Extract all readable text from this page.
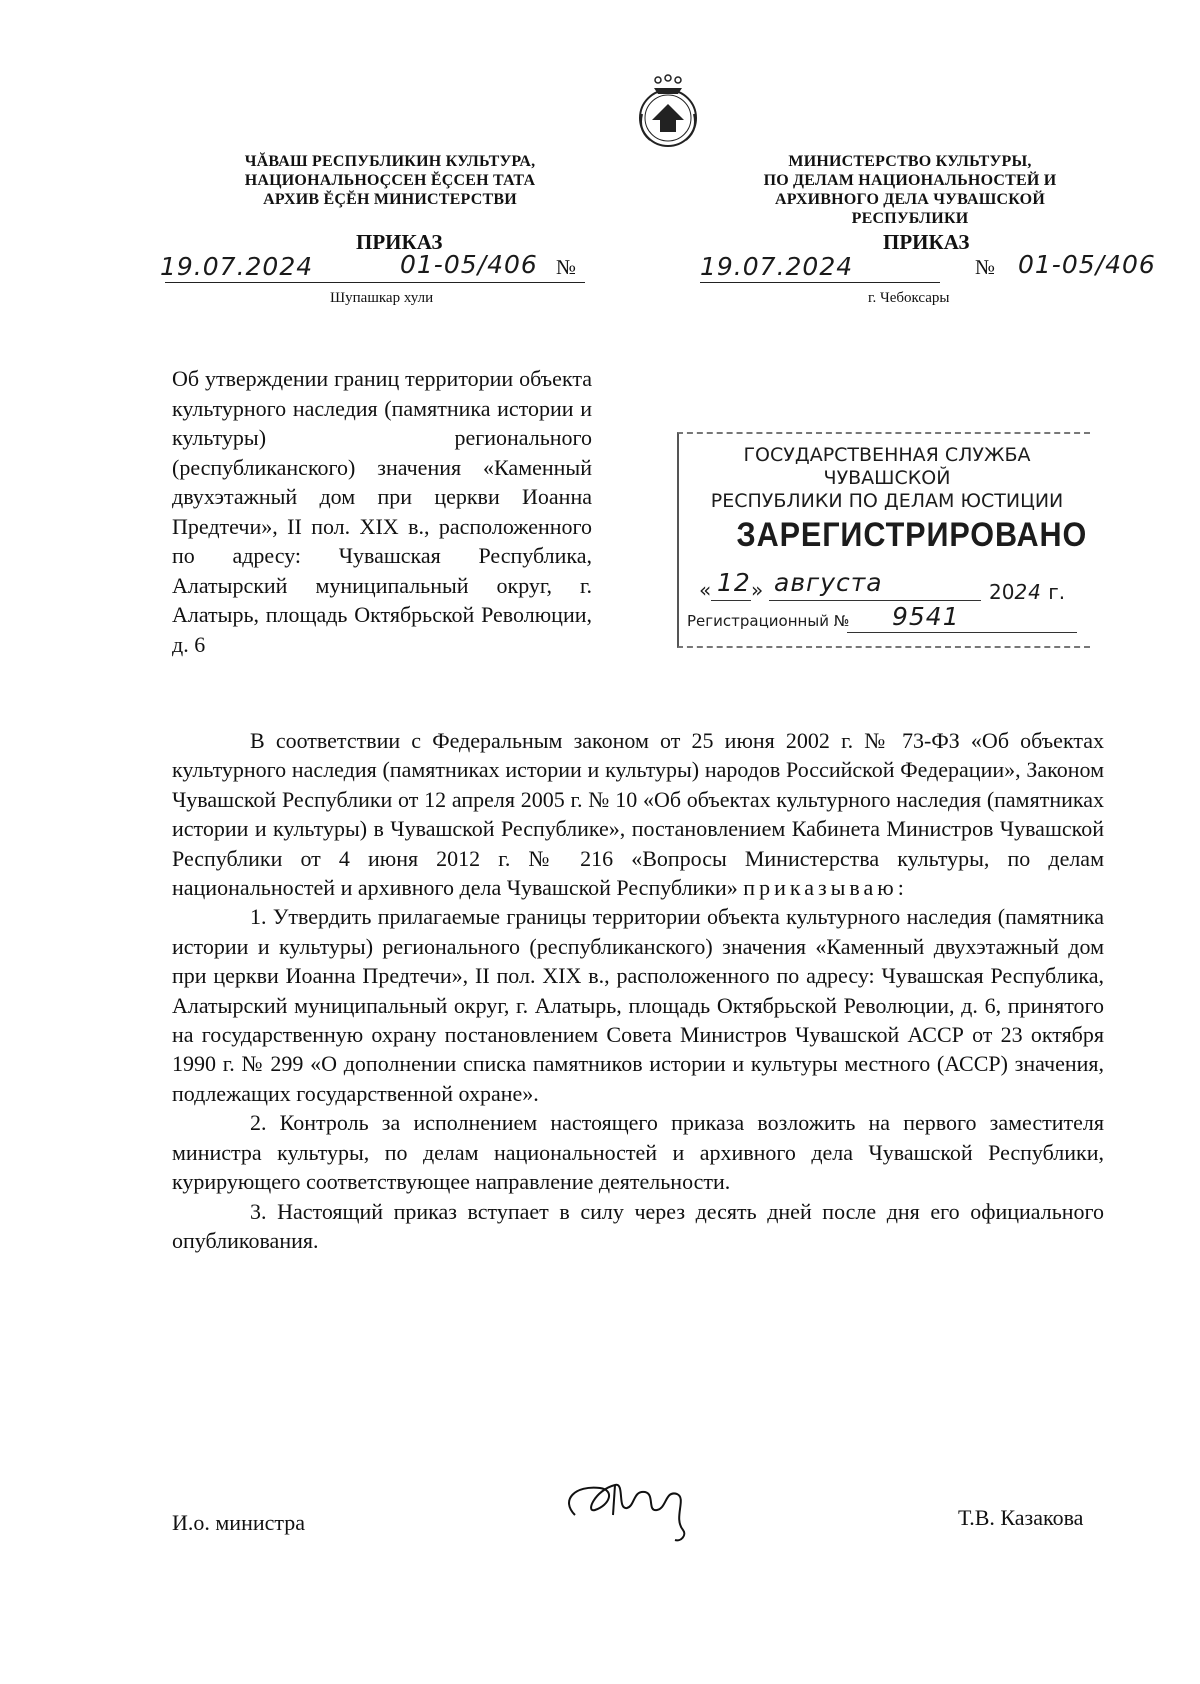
ЧĂВАШ РЕСПУБЛИКИН КУЛЬТУРА,
НАЦИОНАЛЬНОÇСЕН ĔÇСЕН ТАТА
АРХИВ ĔÇĔН МИНИСТЕРСТВИ
МИНИСТЕРСТВО КУЛЬТУРЫ,
ПО ДЕЛАМ НАЦИОНАЛЬНОСТЕЙ И
АРХИВНОГО ДЕЛА ЧУВАШСКОЙ РЕСПУБЛИКИ
ПРИКАЗ
19.07.2024	01-05/406 №
Шупашкар хули
ПРИКАЗ
19.07.2024	№ 01-05/406
г. Чебоксары
Об утверждении границ территории объекта культурного наследия (памятника истории и культуры) регионального (республиканского) значения «Каменный двухэтажный дом при церкви Иоанна Предтечи», II пол. XIX в., расположенного по адресу: Чувашская Республика, Алатырский муниципальный округ, г. Алатырь, площадь Октябрьской Революции, д. 6
ГОСУДАРСТВЕННАЯ СЛУЖБА ЧУВАШСКОЙ
РЕСПУБЛИКИ ПО ДЕЛАМ ЮСТИЦИИ
ЗАРЕГИСТРИРОВАНО
« 12 » августа	2024 г.
Регистрационный № 9541

В соответствии с Федеральным законом от 25 июня 2002 г. № 73-ФЗ «Об объектах культурного наследия (памятниках истории и культуры) народов Российской Федерации», Законом Чувашской Республики от 12 апреля 2005 г. № 10 «Об объектах культурного наследия (памятниках истории и культуры) в Чувашской Республике», постановлением Кабинета Министров Чувашской Республики от 4 июня 2012 г. № 216 «Вопросы Министерства культуры, по делам национальностей и архивного дела Чувашской Республики» приказываю:

1. Утвердить прилагаемые границы территории объекта культурного наследия (памятника истории и культуры) регионального (республиканского) значения «Каменный двухэтажный дом при церкви Иоанна Предтечи», II пол. XIX в., расположенного по адресу: Чувашская Республика, Алатырский муниципальный округ, г. Алатырь, площадь Октябрьской Революции, д. 6, принятого на государственную охрану постановлением Совета Министров Чувашской АССР от 23 октября 1990 г. № 299 «О дополнении списка памятников истории и культуры местного (АССР) значения, подлежащих государственной охране».

2. Контроль за исполнением настоящего приказа возложить на первого заместителя министра культуры, по делам национальностей и архивного дела Чувашской Республики, курирующего соответствующее направление деятельности.

3. Настоящий приказ вступает в силу через десять дней после дня его официального опубликования.

И.о. министра	Т.В. Казакова
